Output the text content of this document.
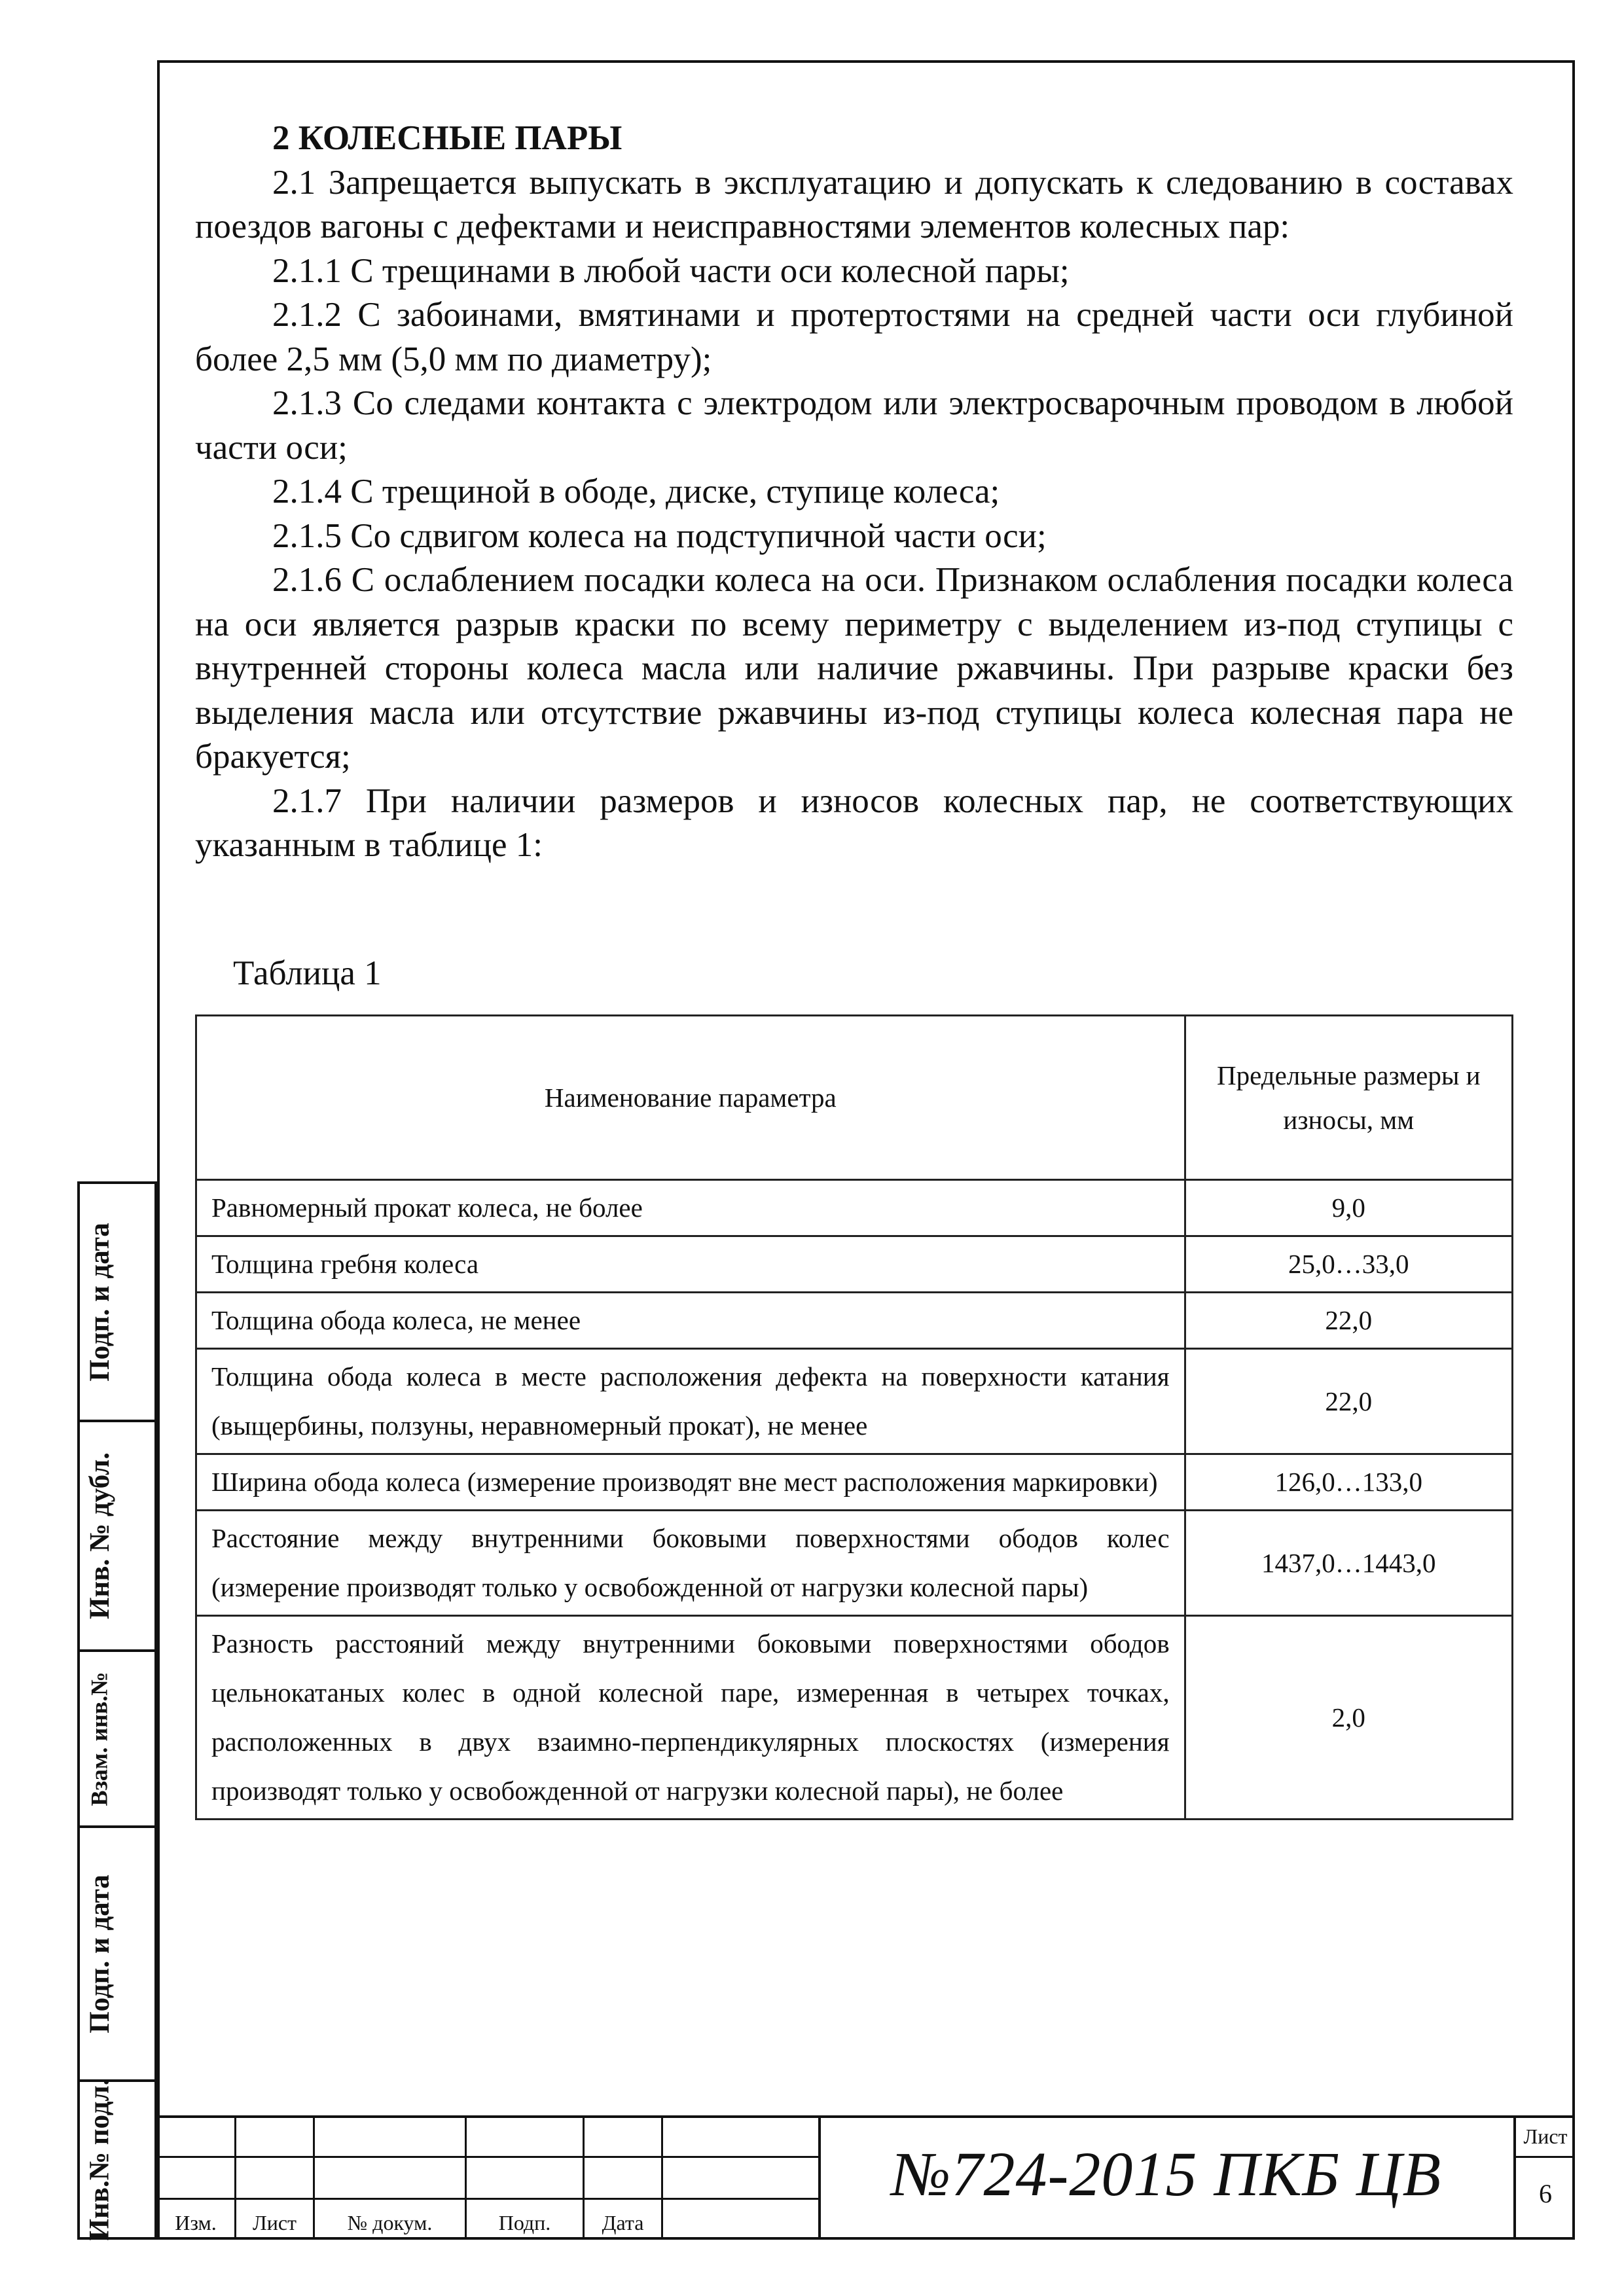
2 КОЛЕСНЫЕ ПАРЫ

2.1 Запрещается выпускать в эксплуатацию и допускать к следованию в составах поездов вагоны с дефектами и неисправностями элементов колесных пар:

2.1.1 С трещинами в любой части оси колесной пары;

2.1.2 С забоинами, вмятинами и протертостями на средней части оси глубиной более 2,5 мм (5,0 мм по диаметру);

2.1.3 Со следами контакта с электродом или электросварочным проводом в любой части оси;

2.1.4 С трещиной в ободе, диске, ступице колеса;

2.1.5 Со сдвигом колеса на подступичной части оси;

2.1.6 С ослаблением посадки колеса на оси. Признаком ослабления посадки колеса на оси является разрыв краски по всему периметру с выделением из-под ступицы с внутренней стороны колеса масла или наличие ржавчины. При разрыве краски без выделения масла или отсутствие ржавчины из-под ступицы колеса колесная пара не бракуется;

2.1.7 При наличии размеров и износов колесных пар, не соответствующих указанным в таблице 1:

Таблица 1
Наименование параметра	Предельные размеры и износы, мм
Равномерный прокат колеса, не более	9,0
Толщина гребня колеса	25,0…33,0
Толщина обода колеса, не менее	22,0
Толщина обода колеса в месте расположения дефекта на поверхности катания (выщербины, ползуны, неравномерный прокат), не менее	22,0
Ширина обода колеса (измерение производят вне мест расположения маркировки)	126,0…133,0
Расстояние между внутренними боковыми поверхностями ободов колес (измерение производят только у освобожденной от нагрузки колесной пары)	1437,0…1443,0
Разность расстояний между внутренними боковыми поверхностями ободов цельнокатаных колес в одной колесной паре, измеренная в четырех точках, расположенных в двух взаимно-перпендикулярных плоскостях (измерения производят только у освобожденной от нагрузки колесной пары), не более	2,0
Подп. и дата
Инв. № дубл.
Взам. инв.№
Подп. и дата
Инв.№ подл.	Изм.	Лист	№ докум.	Подп.	Дата
№724-2015 ПКБ ЦВ
Лист
6
